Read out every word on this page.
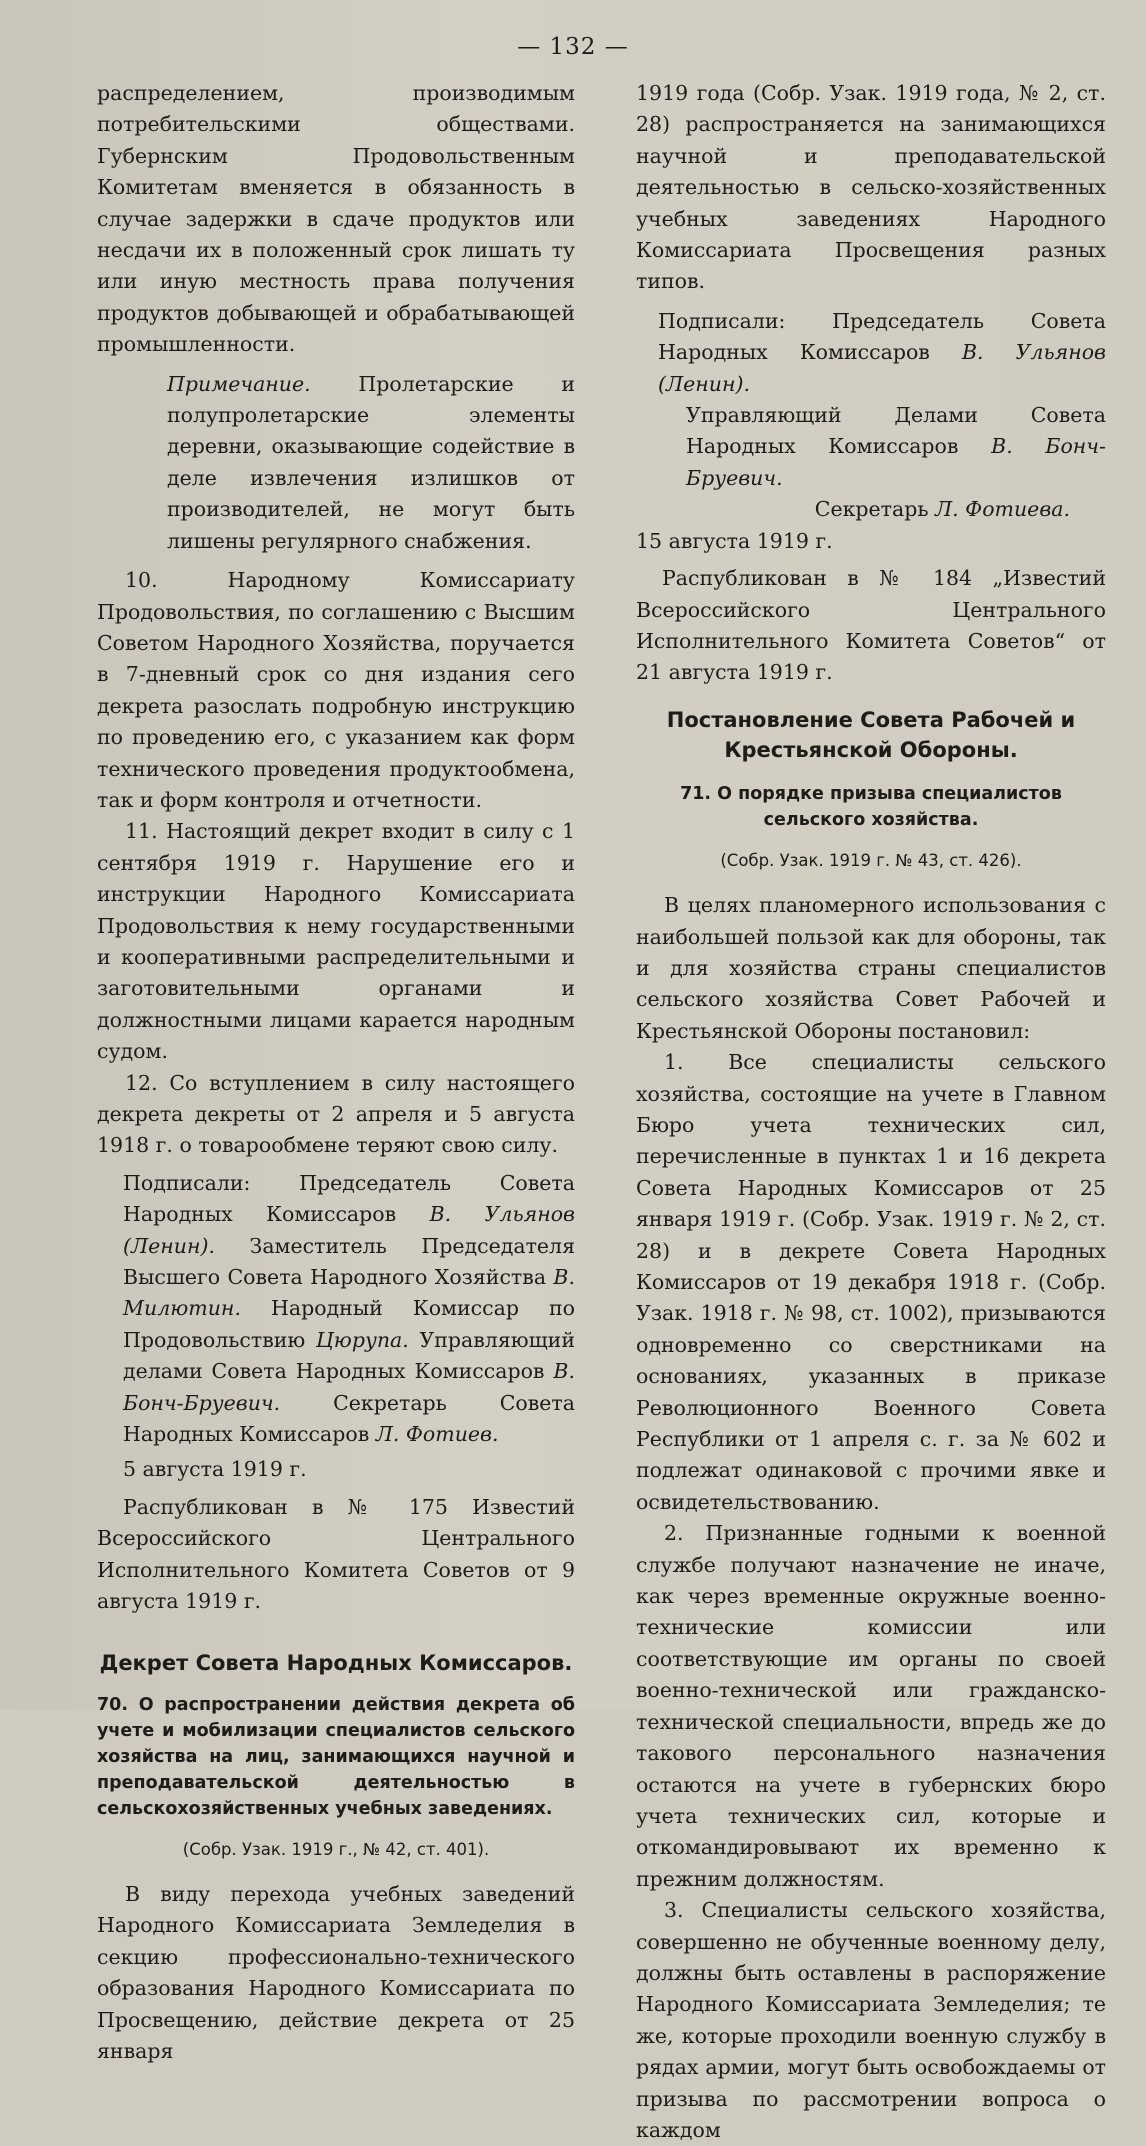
— 132 —

распределением, производимым потребительскими обществами. Губернским Продовольственным Комитетам вменяется в обязанность в случае задержки в сдаче продуктов или несдачи их в положенный срок лишать ту или иную местность права получения продуктов добывающей и обрабатывающей промышленности.

Примечание. Пролетарские и полупролетарские элементы деревни, оказывающие содействие в деле извлечения излишков от производителей, не могут быть лишены регулярного снабжения.

10. Народному Комиссариату Продовольствия, по соглашению с Высшим Советом Народного Хозяйства, поручается в 7-дневный срок со дня издания сего декрета разослать подробную инструкцию по проведению его, с указанием как форм технического проведения продуктообмена, так и форм контроля и отчетности.

11. Настоящий декрет входит в силу с 1 сентября 1919 г. Нарушение его и инструкции Народного Комиссариата Продовольствия к нему государственными и кооперативными распределительными и заготовительными органами и должностными лицами карается народным судом.

12. Со вступлением в силу настоящего декрета декреты от 2 апреля и 5 августа 1918 г. о товарообмене теряют свою силу.

Подписали: Председатель Совета Народных Комиссаров В. Ульянов (Ленин). Заместитель Председателя Высшего Совета Народного Хозяйства В. Милютин. Народный Комиссар по Продовольствию Цюрупа. Управляющий делами Совета Народных Комиссаров В. Бонч-Бруевич. Секретарь Совета Народных Комиссаров Л. Фотиев.

5 августа 1919 г.

Распубликован в № 175 Известий Всероссийского Центрального Исполнительного Комитета Советов от 9 августа 1919 г.

Декрет Совета Народных Комиссаров.

70. О распространении действия декрета об учете и мобилизации специалистов сельского хозяйства на лиц, занимающихся научной и преподавательской деятельностью в сельскохозяйственных учебных заведениях.

(Собр. Узак. 1919 г., № 42, ст. 401).

В виду перехода учебных заведений Народного Комиссариата Земледелия в секцию профессионально-технического образования Народного Комиссариата по Просвещению, действие декрета от 25 января

1919 года (Собр. Узак. 1919 года, № 2, ст. 28) распространяется на занимающихся научной и преподавательской деятельностью в сельско-хозяйственных учебных заведениях Народного Комиссариата Просвещения разных типов.

Подписали: Председатель Совета Народных Комиссаров В. Ульянов (Ленин).

Управляющий Делами Совета Народных Комиссаров В. Бонч-Бруевич.

Секретарь Л. Фотиева.

15 августа 1919 г.

Распубликован в № 184 „Известий Всероссийского Центрального Исполнительного Комитета Советов“ от 21 августа 1919 г.

Постановление Совета Рабочей и Крестьянской Обороны.

71. О порядке призыва специалистов сельского хозяйства.

(Собр. Узак. 1919 г. № 43, ст. 426).

В целях планомерного использования с наибольшей пользой как для обороны, так и для хозяйства страны специалистов сельского хозяйства Совет Рабочей и Крестьянской Обороны постановил:

1. Все специалисты сельского хозяйства, состоящие на учете в Главном Бюро учета технических сил, перечисленные в пунктах 1 и 16 декрета Совета Народных Комиссаров от 25 января 1919 г. (Собр. Узак. 1919 г. № 2, ст. 28) и в декрете Совета Народных Комиссаров от 19 декабря 1918 г. (Собр. Узак. 1918 г. № 98, ст. 1002), призываются одновременно со сверстниками на основаниях, указанных в приказе Революционного Военного Совета Республики от 1 апреля с. г. за № 602 и подлежат одинаковой с прочими явке и освидетельствованию.

2. Признанные годными к военной службе получают назначение не иначе, как через временные окружные военно-технические комиссии или соответствующие им органы по своей военно-технической или гражданско-технической специальности, впредь же до такового персонального назначения остаются на учете в губернских бюро учета технических сил, которые и откомандировывают их временно к прежним должностям.

3. Специалисты сельского хозяйства, совершенно не обученные военному делу, должны быть оставлены в распоряжение Народного Комиссариата Земледелия; те же, которые проходили военную службу в рядах армии, могут быть освобождаемы от призыва по рассмотрении вопроса о каждом
